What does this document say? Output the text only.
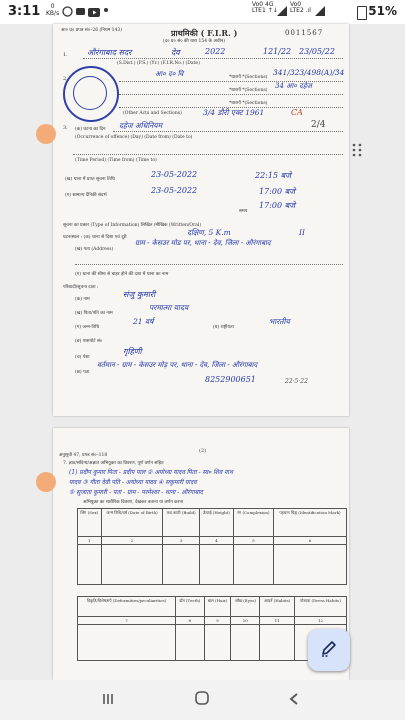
3:11	0
KB/s
Vo0 4G
LTE1 ↑↓
Vo0
LTE2 .ıl	51%
आ० प्र० प्रपत्र सं०–26 (नियम 143)	प्राथमिकी ( F.I.R. )
(द० प्र० सं० की धारा 154 के अधीन)
0011567
1. औरंगाबाद सदर	देव	2022	121/22 23/05/22
(S.Dist.) (P.S.) (Yr.) (F.I.R.No.) (Date)
2.
आ० द० वि	*धारायें *(Sections)
341/323/498(A)/34
*धारायें *(Sections)
34 आ० दहेज
*धारायें *(Sections)
(Other Acts and Sections)	3/4 डौरी एक्ट 1961	CA
3. (क) घटना का दिन दहेज अधिनियम	2/4
(Occurrence of offence) (Day) (Date from) (Date to)
(Time Period) (Time from) (Time to)
(ख) थाना में प्राप्त सूचना तिथि
23-05-2022	22:15 बजे
(ग) सामान्य दैनिकी संदर्भ
23-05-2022	17:00 बजे
समय
17:00 बजे
सूचना का प्रकार (Type of Information) लिखित /मौखिक (Written/Oral)
घटनास्थल : (क) थाना से दिशा एवं दूरी
दक्षिण, 5 K.m	II
(ख) पता (Address)
ग्राम - केसउर मोड पर, थाना - देव, जिला - औरंगाबाद
(ग) थाना की सीमा से बाहर होने की दशा में थाना का नाम
परिवादी/सूचना दाता :
(क) नाम
संजु कुमारी
(ख) पिता/पति का नाम
परमात्मा यादव
(ग) जन्म-तिथि
21 वर्ष
(घ) राष्ट्रीयता
भारतीय
(ङ) पासपोर्ट सं०
(च) पेशा
गृहिणी
(छ) पता
वर्तमान - ग्राम - केसउर मोड़ पर, थाना - देव, जिला - औरंगाबाद
8252900651	22·5·22
अनुसूची 47, प्रपत्र सं०–118
(2)
7. ज्ञात/संदिग्ध/अज्ञात अभियुक्त का विवरण, पूर्ण वर्णन सहित
(1) प्रदीप कुमार पिता - प्रदीप पाल ② अयोध्या यादव पिता - स्व० शिव नाथ
यादव ③ गीता देवी पति - अयोध्या यादव ④ सकुमारी यादव
⑤ सुजाता कुमारी - पता - ग्राम - परमेश्वर - थाना - औरंगाबाद
अभियुक्त का शारीरिक विवरण, देखकर बताना या वर्णन करना
लिंग (Sex)	जन्म तिथि/वर्ष (Date of Birth)	कद काठी (Build)	ऊँचाई (Height)	रंग (Complexion)	पहचान चिह्न (Identification Mark)
1	2	3	4	5	6

विकृति/विशेषताएँ (Deformities/peculiarities)	दाँत (Teeth)	बाल (Hair)	आँख (Eyes)	आदतें (Habits)	पोशाक (Dress Habits)
7	8	9	10	11	12
